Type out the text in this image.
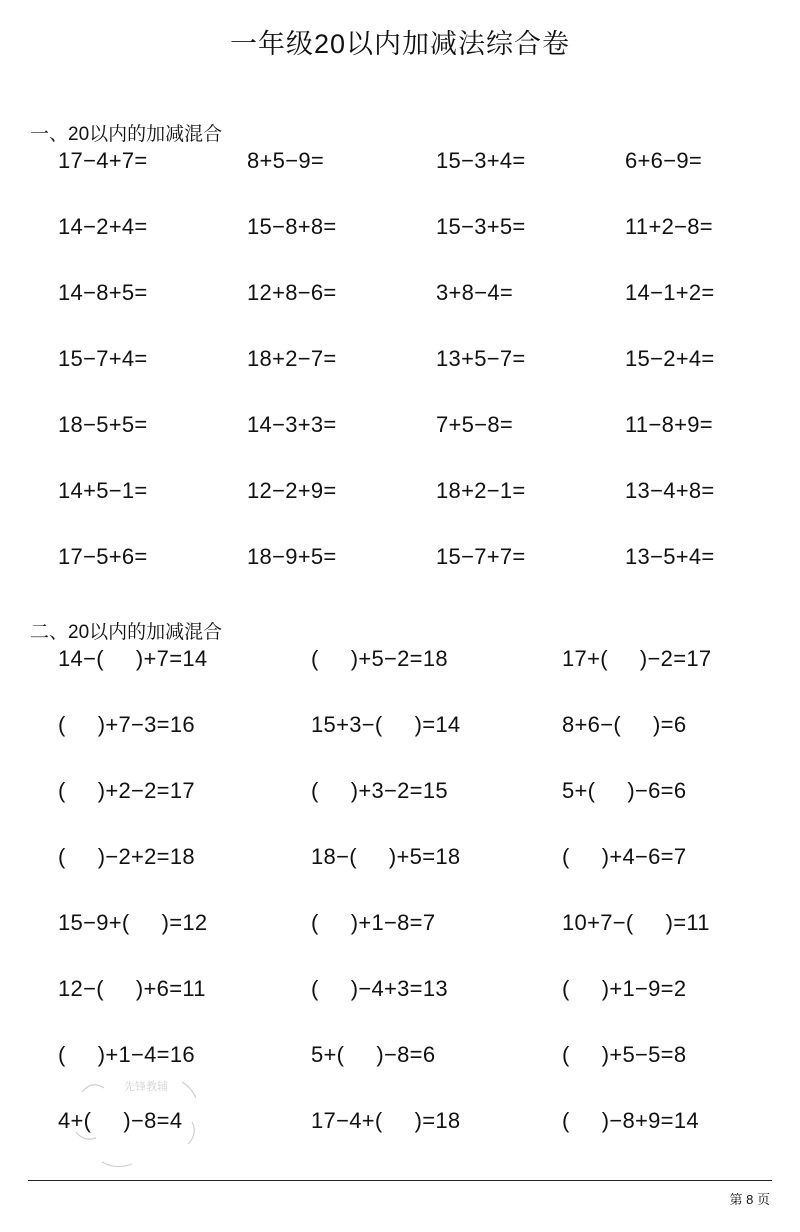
一年级20以内加减法综合卷
一、20以内的加减混合
17−4+7=	8+5−9=	15−3+4=	6+6−9=
14−2+4=	15−8+8=	15−3+5=	11+2−8=
14−8+5=	12+8−6=	3+8−4=	14−1+2=
15−7+4=	18+2−7=	13+5−7=	15−2+4=
18−5+5=	14−3+3=	7+5−8=	11−8+9=
14+5−1=	12−2+9=	18+2−1=	13−4+8=
17−5+6=	18−9+5=	15−7+7=	13−5+4=
二、20以内的加减混合
14−(     )+7=14	(     )+5−2=18	17+(     )−2=17
(     )+7−3=16	15+3−(     )=14	8+6−(     )=6
(     )+2−2=17	(     )+3−2=15	5+(     )−6=6
(     )−2+2=18	18−(     )+5=18	(     )+4−6=7
15−9+(     )=12	(     )+1−8=7	10+7−(     )=11
12−(     )+6=11	(     )−4+3=13	(     )+1−9=2
(     )+1−4=16	5+(     )−8=6	(     )+5−5=8
4+(     )−8=4	17−4+(     )=18	(     )−8+9=14
先锋教辅
第 8 页
